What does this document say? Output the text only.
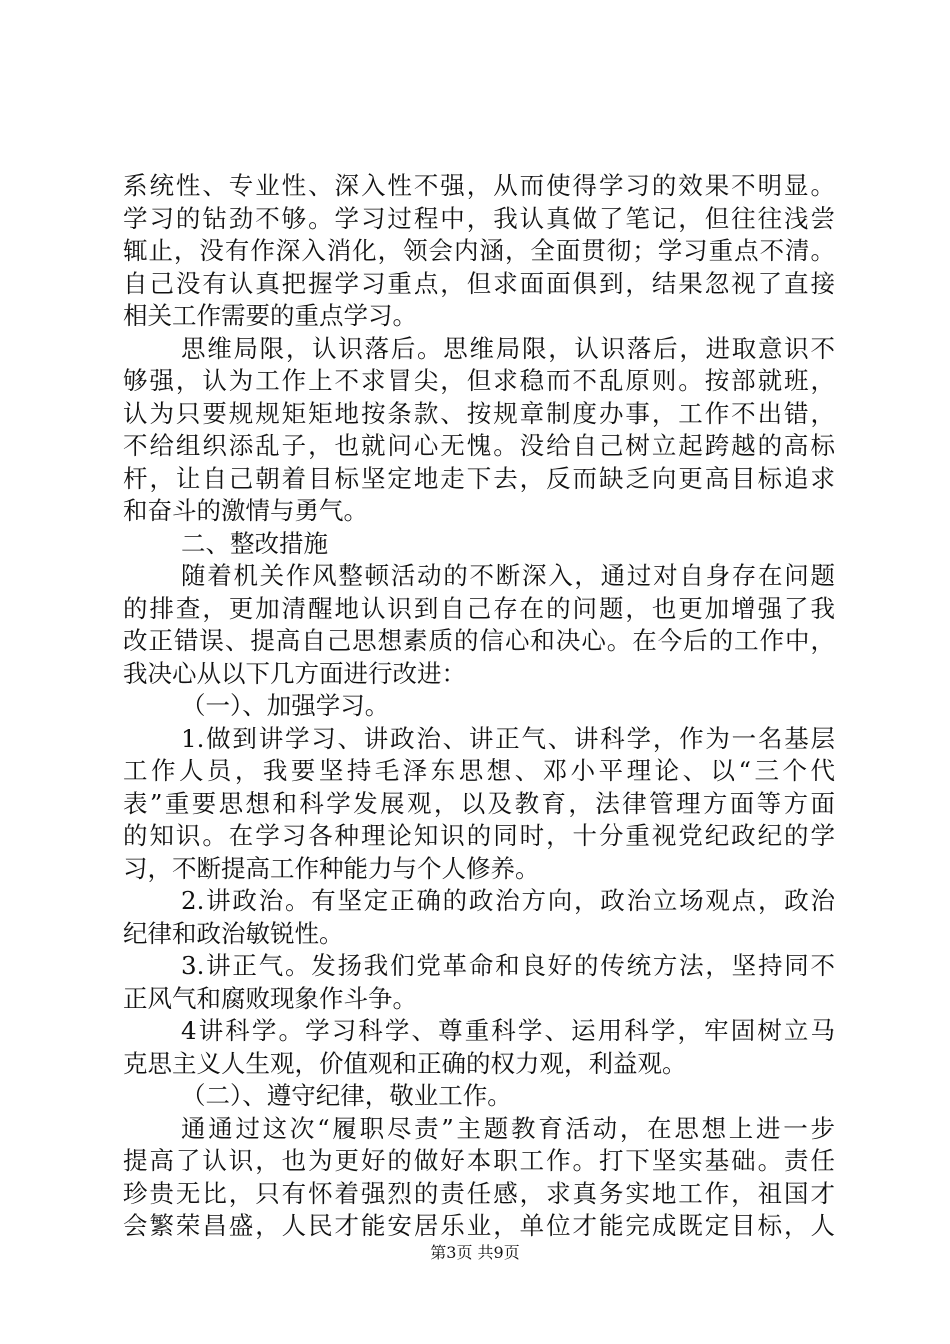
系统性、专业性、深入性不强，从而使得学习的效果不明显。
学习的钻劲不够。学习过程中，我认真做了笔记，但往往浅尝
辄止，没有作深入消化，领会内涵，全面贯彻；学习重点不清。
自己没有认真把握学习重点，但求面面俱到，结果忽视了直接
相关工作需要的重点学习。
思维局限，认识落后。思维局限，认识落后，进取意识不
够强，认为工作上不求冒尖，但求稳而不乱原则。按部就班，
认为只要规规矩矩地按条款、按规章制度办事，工作不出错，
不给组织添乱子，也就问心无愧。没给自己树立起跨越的高标
杆，让自己朝着目标坚定地走下去，反而缺乏向更高目标追求
和奋斗的激情与勇气。
二、整改措施
随着机关作风整顿活动的不断深入，通过对自身存在问题
的排查，更加清醒地认识到自己存在的问题，也更加增强了我
改正错误、提高自己思想素质的信心和决心。在今后的工作中，
我决心从以下几方面进行改进：
（一）、加强学习。
1.做到讲学习、讲政治、讲正气、讲科学，作为一名基层
工作人员，我要坚持毛泽东思想、邓小平理论、以“三个代
表”重要思想和科学发展观，以及教育，法律管理方面等方面
的知识。在学习各种理论知识的同时，十分重视党纪政纪的学
习，不断提高工作种能力与个人修养。
2.讲政治。有坚定正确的政治方向，政治立场观点，政治
纪律和政治敏锐性。
3.讲正气。发扬我们党革命和良好的传统方法，坚持同不
正风气和腐败现象作斗争。
4讲科学。学习科学、尊重科学、运用科学，牢固树立马
克思主义人生观，价值观和正确的权力观，利益观。
（二）、遵守纪律，敬业工作。
通通过这次“履职尽责”主题教育活动，在思想上进一步
提高了认识，也为更好的做好本职工作。打下坚实基础。责任
珍贵无比，只有怀着强烈的责任感，求真务实地工作，祖国才
会繁荣昌盛，人民才能安居乐业，单位才能完成既定目标，人
第3页 共9页
